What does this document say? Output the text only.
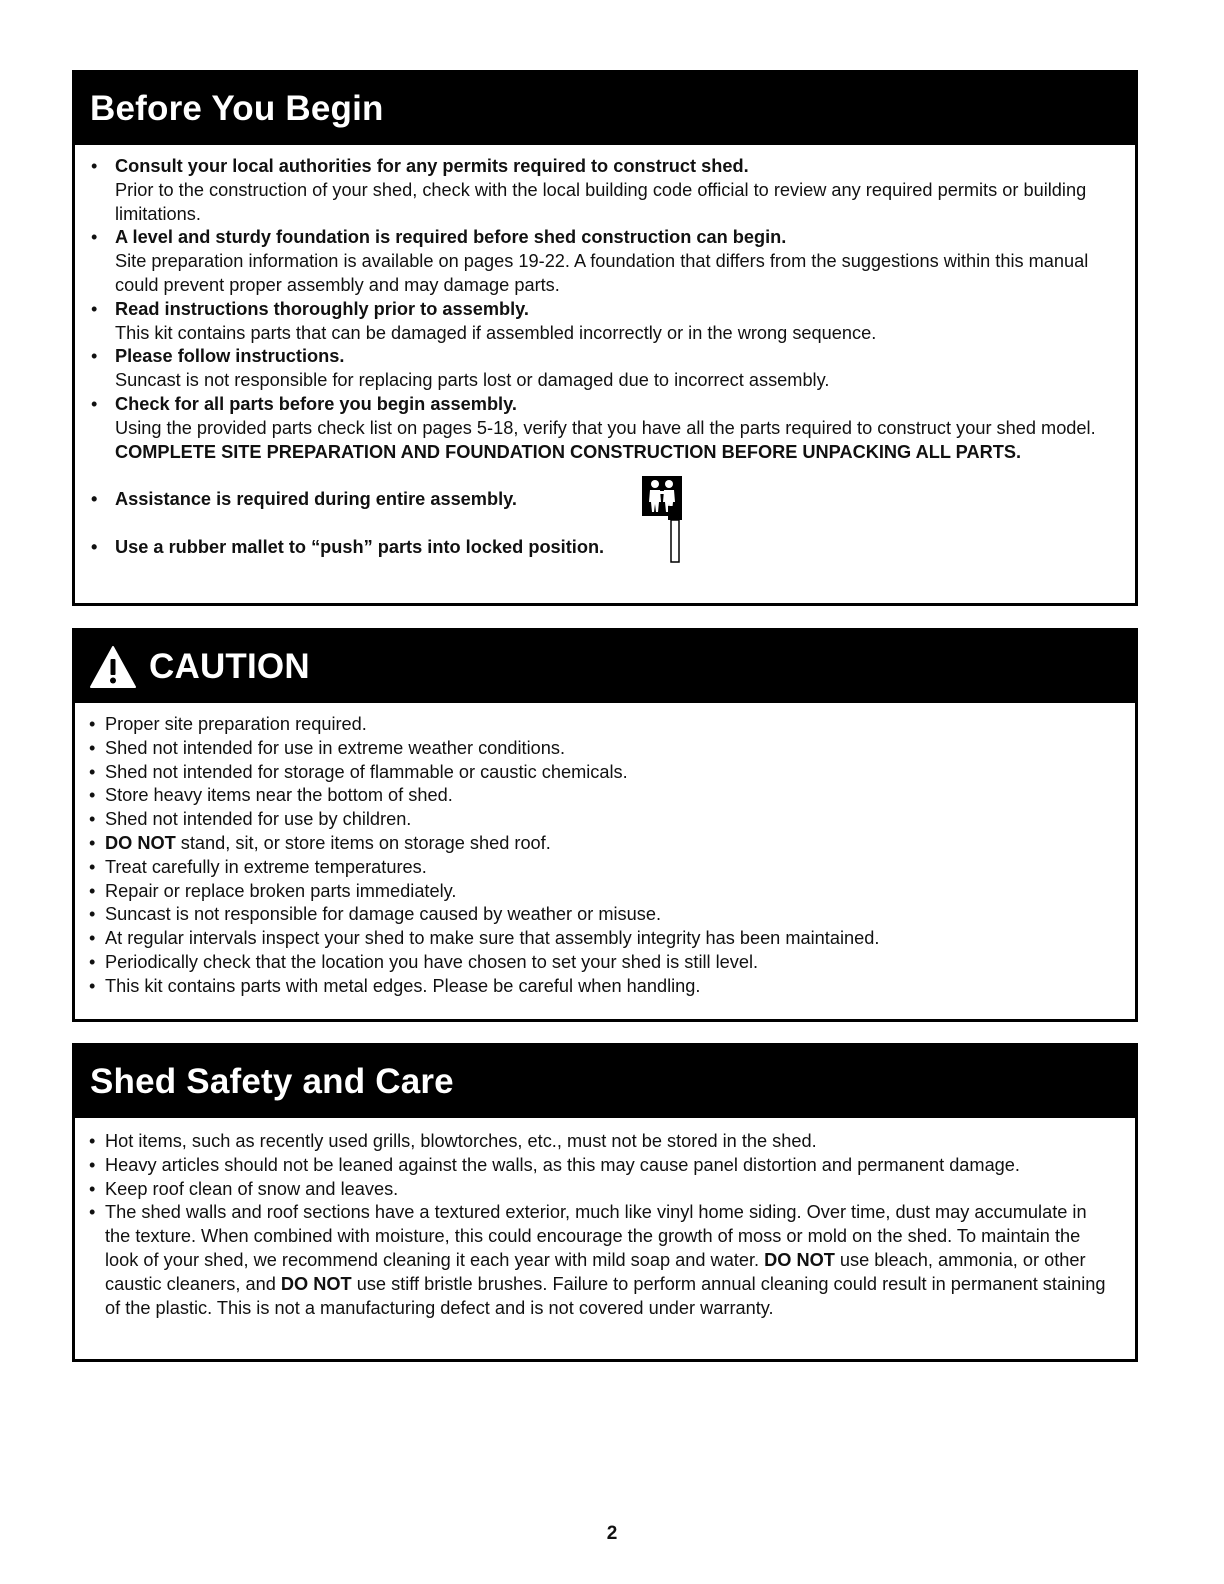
Before You Begin
• Consult your local authorities for any permits required to construct shed.
Prior to the construction of your shed, check with the local building code official to review any required permits or building limitations.
• A level and sturdy foundation is required before shed construction can begin.
Site preparation information is available on pages 19-22. A foundation that differs from the suggestions within this manual could prevent proper assembly and may damage parts.
• Read instructions thoroughly prior to assembly.
This kit contains parts that can be damaged if assembled incorrectly or in the wrong sequence.
• Please follow instructions.
Suncast is not responsible for replacing parts lost or damaged due to incorrect assembly.
• Check for all parts before you begin assembly.
Using the provided parts check list on pages 5-18, verify that you have all the parts required to construct your shed model.
COMPLETE SITE PREPARATION AND FOUNDATION CONSTRUCTION BEFORE UNPACKING ALL PARTS.
• Assistance is required during entire assembly.
• Use a rubber mallet to “push” parts into locked position.
CAUTION
• Proper site preparation required.
• Shed not intended for use in extreme weather conditions.
• Shed not intended for storage of flammable or caustic chemicals.
• Store heavy items near the bottom of shed.
• Shed not intended for use by children.
• DO NOT stand, sit, or store items on storage shed roof.
• Treat carefully in extreme temperatures.
• Repair or replace broken parts immediately.
• Suncast is not responsible for damage caused by weather or misuse.
• At regular intervals inspect your shed to make sure that assembly integrity has been maintained.
• Periodically check that the location you have chosen to set your shed is still level.
• This kit contains parts with metal edges. Please be careful when handling.
Shed Safety and Care
• Hot items, such as recently used grills, blowtorches, etc., must not be stored in the shed.
• Heavy articles should not be leaned against the walls, as this may cause panel distortion and permanent damage.
• Keep roof clean of snow and leaves.
• The shed walls and roof sections have a textured exterior, much like vinyl home siding. Over time, dust may accumulate in the texture. When combined with moisture, this could encourage the growth of moss or mold on the shed. To maintain the look of your shed, we recommend cleaning it each year with mild soap and water. DO NOT use bleach, ammonia, or other caustic cleaners, and DO NOT use stiff bristle brushes. Failure to perform annual cleaning could result in permanent staining of the plastic. This is not a manufacturing defect and is not covered under warranty.
2
